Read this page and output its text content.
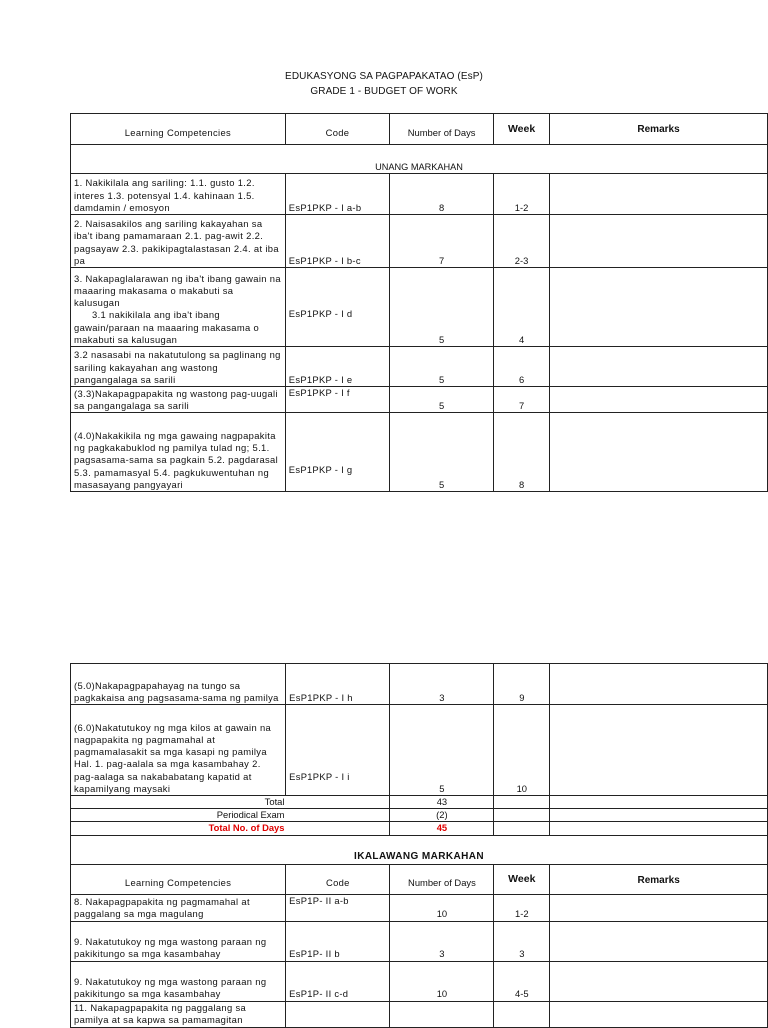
EDUKASYONG SA PAGPAPAKATAO (EsP)
GRADE 1 - BUDGET OF WORK
Learning Competencies	Code	Number of Days	Week	Remarks
UNANG MARKAHAN				
1. Nakikilala ang sariling: 1.1. gusto 1.2. interes 1.3. potensyal 1.4. kahinaan 1.5. damdamin / emosyon	EsP1PKP - I a-b	8	1-2	
2. Naisasakilos ang sariling kakayahan sa iba't ibang pamamaraan 2.1. pag-awit 2.2. pagsayaw 2.3. pakikipagtalastasan 2.4. at iba pa	EsP1PKP - I b-c	7	2-3	

3. Nakapaglalarawan ng iba't ibang gawain na maaaring makasama o makabuti sa kalusugan
3.1 nakikilala ang iba't ibang gawain/paraan na maaaring makasama o makabuti sa kalusugan	EsP1PKP - I d	5	4	
3.2 nasasabi na nakatutulong sa paglinang ng sariling kakayahan ang wastong pangangalaga sa sarili	EsP1PKP - I e	5	6	
(3.3)Nakapagpapakita ng wastong pag-uugali sa pangangalaga sa sarili	EsP1PKP - I f	5	7	
(4.0)Nakakikila ng mga gawaing nagpapakita ng pagkakabuklod ng pamilya tulad ng; 5.1. pagsasama-sama sa pagkain 5.2. pagdarasal 5.3. pamamasyal 5.4. pagkukuwentuhan ng masasayang pangyayari	EsP1PKP - I g	5	8	
(5.0)Nakapagpapahayag na tungo sa pagkakaisa ang pagsasama-sama ng pamilya	EsP1PKP - I h	3	9	
(6.0)Nakatutukoy ng mga kilos at gawain na nagpapakita ng pagmamahal at pagmamalasakit sa mga kasapi ng pamilya Hal. 1. pag-aalala sa mga kasambahay 2. pag-aalaga sa nakababatang kapatid at kapamilyang maysaki	EsP1PKP - I i	5	10	
Total		43		
Periodical Exam		(2)		
Total No. of Days		45		
IKALAWANG MARKAHAN				
Learning Competencies	Code	Number of Days	Week	Remarks
8. Nakapagpapakita ng pagmamahal at paggalang sa mga magulang	EsP1P- II a-b	10	1-2	
9. Nakatutukoy ng mga wastong paraan ng pakikitungo sa mga kasambahay	EsP1P- II b	3	3	
9. Nakatutukoy ng mga wastong paraan ng pakikitungo sa mga kasambahay	EsP1P- II c-d	10	4-5	
11. Nakapagpapakita ng paggalang sa pamilya at sa kapwa sa pamamagitan				
